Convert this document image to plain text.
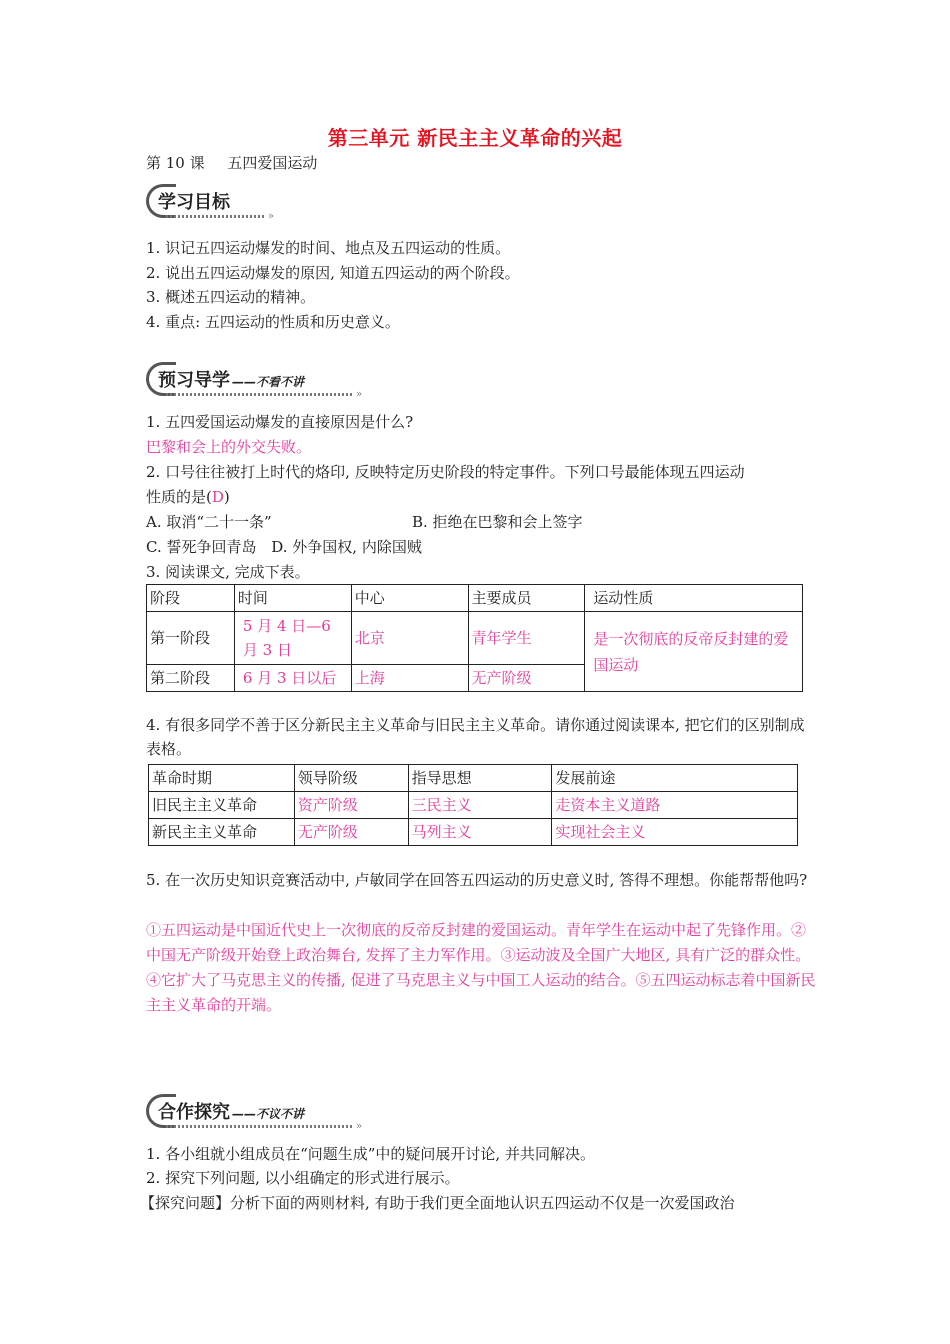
第三单元 新民主主义革命的兴起
第 10 课 五四爱国运动
学习目标
»
1. 识记五四运动爆发的时间、地点及五四运动的性质。
2. 说出五四运动爆发的原因, 知道五四运动的两个阶段。
3. 概述五四运动的精神。
4. 重点: 五四运动的性质和历史意义。
预习导学 ——不看不讲
»
1. 五四爱国运动爆发的直接原因是什么?
巴黎和会上的外交失败。
2. 口号往往被打上时代的烙印, 反映特定历史阶段的特定事件。下列口号最能体现五四运动
性质的是(D)
A. 取消“二十一条”	B. 拒绝在巴黎和会上签字
C. 誓死争回青岛 D. 外争国权, 内除国贼
3. 阅读课文, 完成下表。
阶段	时间	中心	主要成员	运动性质
第一阶段	5 月 4 日—6 月 3 日	北京	青年学生	是一次彻底的反帝反封建的爱国运动
第二阶段	6 月 3 日以后	上海	无产阶级	
4. 有很多同学不善于区分新民主主义革命与旧民主主义革命。请你通过阅读课本, 把它们的区别制成表格。
革命时期	领导阶级	指导思想	发展前途
旧民主主义革命	资产阶级	三民主义	走资本主义道路
新民主主义革命	无产阶级	马列主义	实现社会主义
5. 在一次历史知识竞赛活动中, 卢敏同学在回答五四运动的历史意义时, 答得不理想。你能帮帮他吗?
①五四运动是中国近代史上一次彻底的反帝反封建的爱国运动。青年学生在运动中起了先锋作用。②中国无产阶级开始登上政治舞台, 发挥了主力军作用。③运动波及全国广大地区, 具有广泛的群众性。④它扩大了马克思主义的传播, 促进了马克思主义与中国工人运动的结合。⑤五四运动标志着中国新民主主义革命的开端。
合作探究 ——不议不讲
»
1. 各小组就小组成员在“问题生成”中的疑问展开讨论, 并共同解决。
2. 探究下列问题, 以小组确定的形式进行展示。
【探究问题】分析下面的两则材料, 有助于我们更全面地认识五四运动不仅是一次爱国政治
